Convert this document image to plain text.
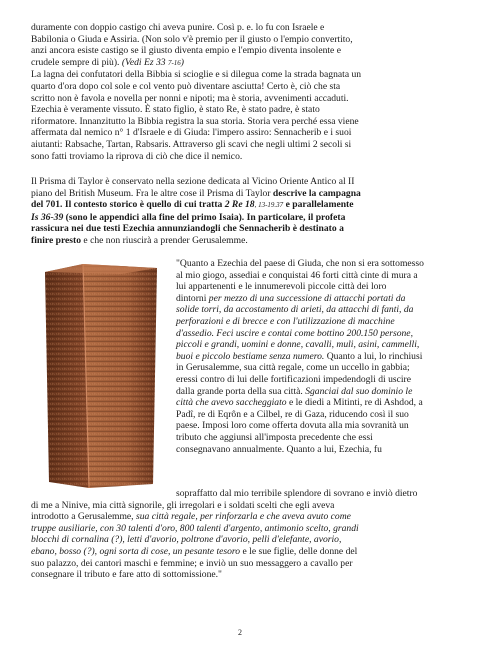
duramente con doppio castigo chi aveva punire. Così p. e. lo fu con Israele e
Babilonia o Giuda e Assiria. (Non solo v'è premio per il giusto o l'empio convertito,
anzi ancora esiste castigo se il giusto diventa empio e l'empio diventa insolente e
crudele sempre di più). (Vedi Ez 33 7-16)
La lagna dei confutatori della Bibbia si scioglie e si dilegua come la strada bagnata un
quarto d'ora dopo col sole e col vento può diventare asciutta! Certo è, ciò che sta
scritto non è favola e novella per nonni e nipoti; ma è storia, avvenimenti accaduti.
Ezechia è veramente vissuto. È stato figlio, è stato Re, è stato padre, è stato
riformatore. Innanzitutto la Bibbia registra la sua storia. Storia vera perché essa viene
affermata dal nemico n° 1 d'Israele e di Giuda: l'impero assiro: Sennacherib e i suoi
aiutanti: Rabsache, Tartan, Rabsaris. Attraverso gli scavi che negli ultimi 2 secoli si
sono fatti troviamo la riprova di ciò che dice il nemico.
Il Prisma di Taylor è conservato nella sezione dedicata al Vicino Oriente Antico al II
piano del British Museum. Fra le altre cose il Prisma di Taylor descrive la campagna
del 701. Il contesto storico è quello di cui tratta 2 Re 18, 13-19.37 e parallelamente
Is 36-39 (sono le appendici alla fine del primo Isaia). In particolare, il profeta
rassicura nei due testi Ezechia annunziandogli che Sennacherib è destinato a
finire presto e che non riuscirà a prender Gerusalemme.
"Quanto a Ezechia del paese di Giuda, che non si era sottomesso
al mio giogo, assediai e conquistai 46 forti città cinte di mura a
lui appartenenti e le innumerevoli piccole città dei loro
dintorni per mezzo di una successione di attacchi portati da
solide torri, da accostamento di arieti, da attacchi di fanti, da
perforazioni e di brecce e con l'utilizzazione di macchine
d'assedio. Feci uscire e contai come bottino 200.150 persone,
piccoli e grandi, uomini e donne, cavalli, muli, asini, cammelli,
buoi e piccolo bestiame senza numero. Quanto a lui, lo rinchiusi
in Gerusalemme, sua città regale, come un uccello in gabbia;
eressi contro di lui delle fortificazioni impedendogli di uscire
dalla grande porta della sua città. Sganciai dal suo dominio le
città che avevo saccheggiato e le diedi a Mitinti, re di Ashdod, a
Padî, re di Eqrôn e a Cilbel, re di Gaza, riducendo così il suo
paese. Imposi loro come offerta dovuta alla mia sovranità un
tributo che aggiunsi all'imposta precedente che essi
consegnavano annualmente. Quanto a lui, Ezechia, fu
sopraffatto dal mio terribile splendore di sovrano e inviò dietro
di me a Ninive, mia città signorile, gli irregolari e i soldati scelti che egli aveva
introdotto a Gerusalemme, sua città regale, per rinforzarla e che aveva avuto come
truppe ausiliarie, con 30 talenti d'oro, 800 talenti d'argento, antimonio scelto, grandi
blocchi di cornalina (?), letti d'avorio, poltrone d'avorio, pelli d'elefante, avorio,
ebano, bosso (?), ogni sorta di cose, un pesante tesoro e le sue figlie, delle donne del
suo palazzo, dei cantori maschi e femmine; e inviò un suo messaggero a cavallo per
consegnare il tributo e fare atto di sottomissione."
2
